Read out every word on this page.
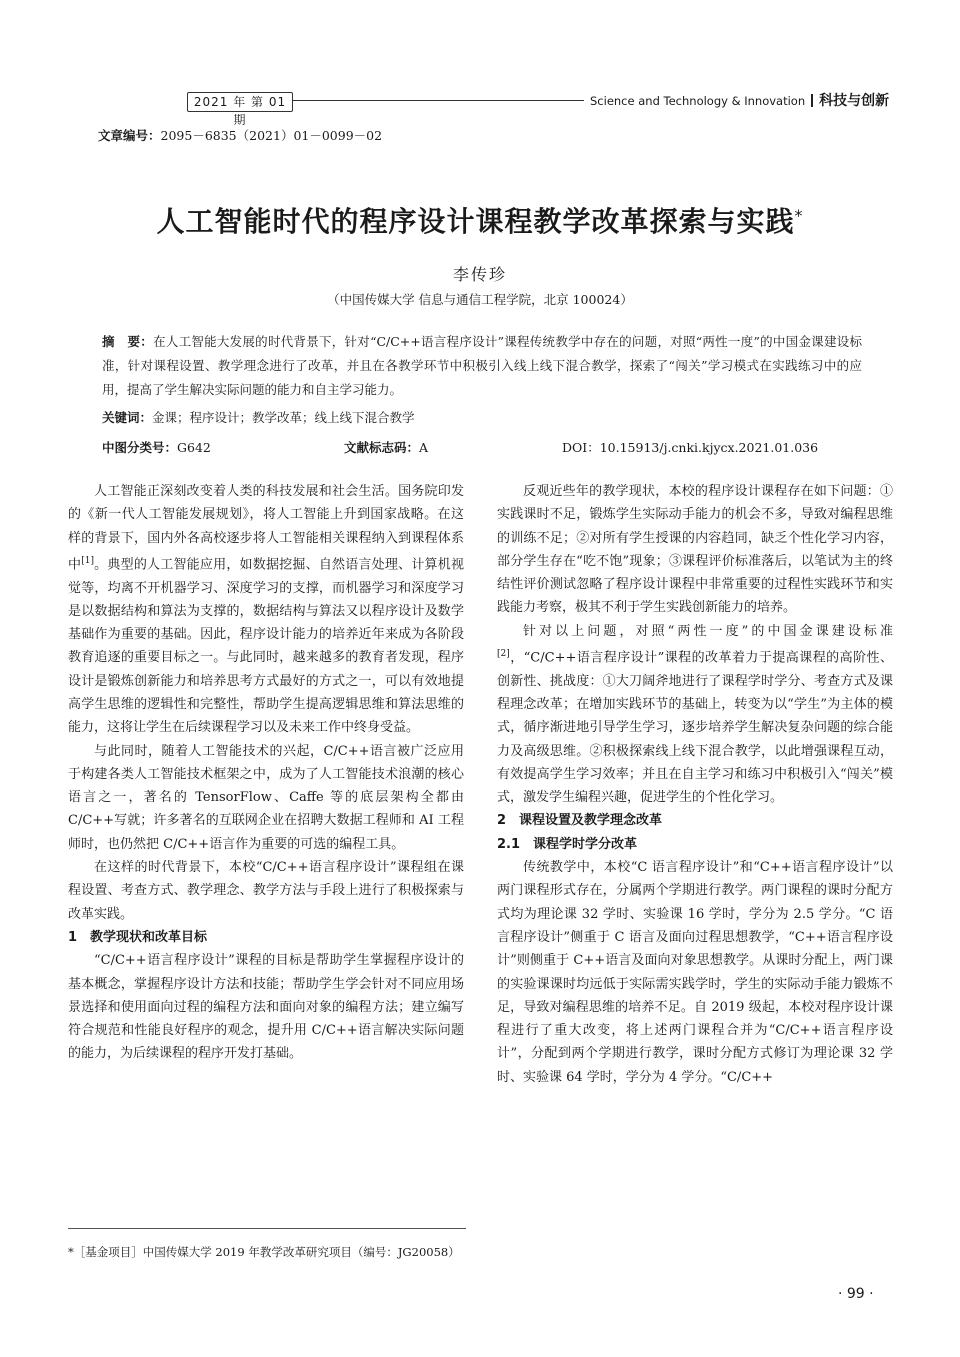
2021 年 第 01 期
Science and Technology & Innovation 科技与创新
文章编号：2095－6835（2021）01－0099－02
人工智能时代的程序设计课程教学改革探索与实践*
李传珍
（中国传媒大学 信息与通信工程学院，北京 100024）
摘　要：在人工智能大发展的时代背景下，针对“C/C++语言程序设计”课程传统教学中存在的问题，对照“两性一度”的中国金课建设标准，针对课程设置、教学理念进行了改革，并且在各教学环节中积极引入线上线下混合教学，探索了“闯关”学习模式在实践练习中的应用，提高了学生解决实际问题的能力和自主学习能力。
关键词：金课；程序设计；教学改革；线上线下混合教学
中图分类号：G642	文献标志码：A	DOI：10.15913/j.cnki.kjycx.2021.01.036

人工智能正深刻改变着人类的科技发展和社会生活。国务院印发的《新一代人工智能发展规划》，将人工智能上升到国家战略。在这样的背景下，国内外各高校逐步将人工智能相关课程纳入到课程体系中[1]。典型的人工智能应用，如数据挖掘、自然语言处理、计算机视觉等，均离不开机器学习、深度学习的支撑，而机器学习和深度学习是以数据结构和算法为支撑的，数据结构与算法又以程序设计及数学基础作为重要的基础。因此，程序设计能力的培养近年来成为各阶段教育追逐的重要目标之一。与此同时，越来越多的教育者发现，程序设计是锻炼创新能力和培养思考方式最好的方式之一，可以有效地提高学生思维的逻辑性和完整性，帮助学生提高逻辑思维和算法思维的能力，这将让学生在后续课程学习以及未来工作中终身受益。

与此同时，随着人工智能技术的兴起，C/C++语言被广泛应用于构建各类人工智能技术框架之中，成为了人工智能技术浪潮的核心语言之一，著名的 TensorFlow、Caffe 等的底层架构全都由 C/C++写就；许多著名的互联网企业在招聘大数据工程师和 AI 工程师时，也仍然把 C/C++语言作为重要的可选的编程工具。

在这样的时代背景下，本校“C/C++语言程序设计”课程组在课程设置、考查方式、教学理念、教学方法与手段上进行了积极探索与改革实践。

1　教学现状和改革目标

“C/C++语言程序设计”课程的目标是帮助学生掌握程序设计的基本概念，掌握程序设计方法和技能；帮助学生学会针对不同应用场景选择和使用面向过程的编程方法和面向对象的编程方法；建立编写符合规范和性能良好程序的观念，提升用 C/C++语言解决实际问题的能力，为后续课程的程序开发打基础。

反观近些年的教学现状，本校的程序设计课程存在如下问题：①实践课时不足，锻炼学生实际动手能力的机会不多，导致对编程思维的训练不足；②对所有学生授课的内容趋同，缺乏个性化学习内容，部分学生存在“吃不饱”现象；③课程评价标准落后，以笔试为主的终结性评价测试忽略了程序设计课程中非常重要的过程性实践环节和实践能力考察，极其不利于学生实践创新能力的培养。

针对以上问题，对照“两性一度”的中国金课建设标准[2]，“C/C++语言程序设计”课程的改革着力于提高课程的高阶性、创新性、挑战度：①大刀阔斧地进行了课程学时学分、考查方式及课程理念改革；在增加实践环节的基础上，转变为以“学生”为主体的模式，循序渐进地引导学生学习，逐步培养学生解决复杂问题的综合能力及高级思维。②积极探索线上线下混合教学，以此增强课程互动，有效提高学生学习效率；并且在自主学习和练习中积极引入“闯关”模式，激发学生编程兴趣，促进学生的个性化学习。

2　课程设置及教学理念改革
2.1　课程学时学分改革

传统教学中，本校“C 语言程序设计”和“C++语言程序设计”以两门课程形式存在，分属两个学期进行教学。两门课程的课时分配方式均为理论课 32 学时、实验课 16 学时，学分为 2.5 学分。“C 语言程序设计”侧重于 C 语言及面向过程思想教学，“C++语言程序设计”则侧重于 C++语言及面向对象思想教学。从课时分配上，两门课的实验课课时均远低于实际需实践学时，学生的实际动手能力锻炼不足，导致对编程思维的培养不足。自 2019 级起，本校对程序设计课程进行了重大改变，将上述两门课程合并为“C/C++语言程序设计”，分配到两个学期进行教学，课时分配方式修订为理论课 32 学时、实验课 64 学时，学分为 4 学分。“C/C++

*［基金项目］中国传媒大学 2019 年教学改革研究项目（编号：JG20058）
· 99 ·
